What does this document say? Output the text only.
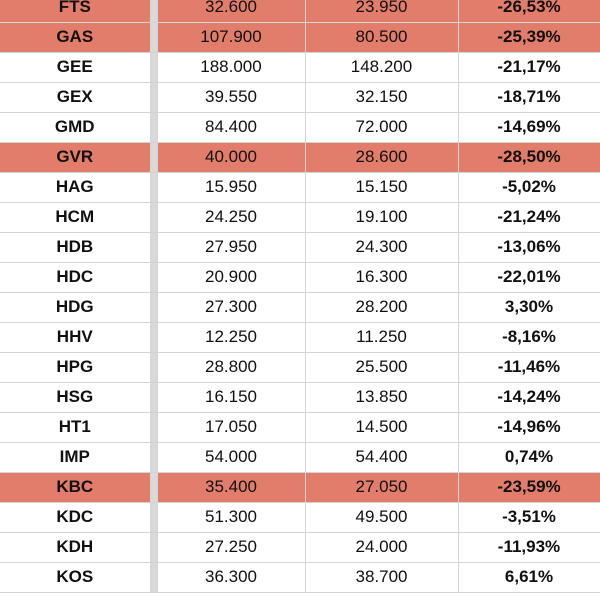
FTS		32.600	23.950	-26,53%
GAS		107.900	80.500	-25,39%
GEE		188.000	148.200	-21,17%
GEX		39.550	32.150	-18,71%
GMD		84.400	72.000	-14,69%
GVR		40.000	28.600	-28,50%
HAG		15.950	15.150	-5,02%
HCM		24.250	19.100	-21,24%
HDB		27.950	24.300	-13,06%
HDC		20.900	16.300	-22,01%
HDG		27.300	28.200	3,30%
HHV		12.250	11.250	-8,16%
HPG		28.800	25.500	-11,46%
HSG		16.150	13.850	-14,24%
HT1		17.050	14.500	-14,96%
IMP		54.000	54.400	0,74%
KBC		35.400	27.050	-23,59%
KDC		51.300	49.500	-3,51%
KDH		27.250	24.000	-11,93%
KOS		36.300	38.700	6,61%
